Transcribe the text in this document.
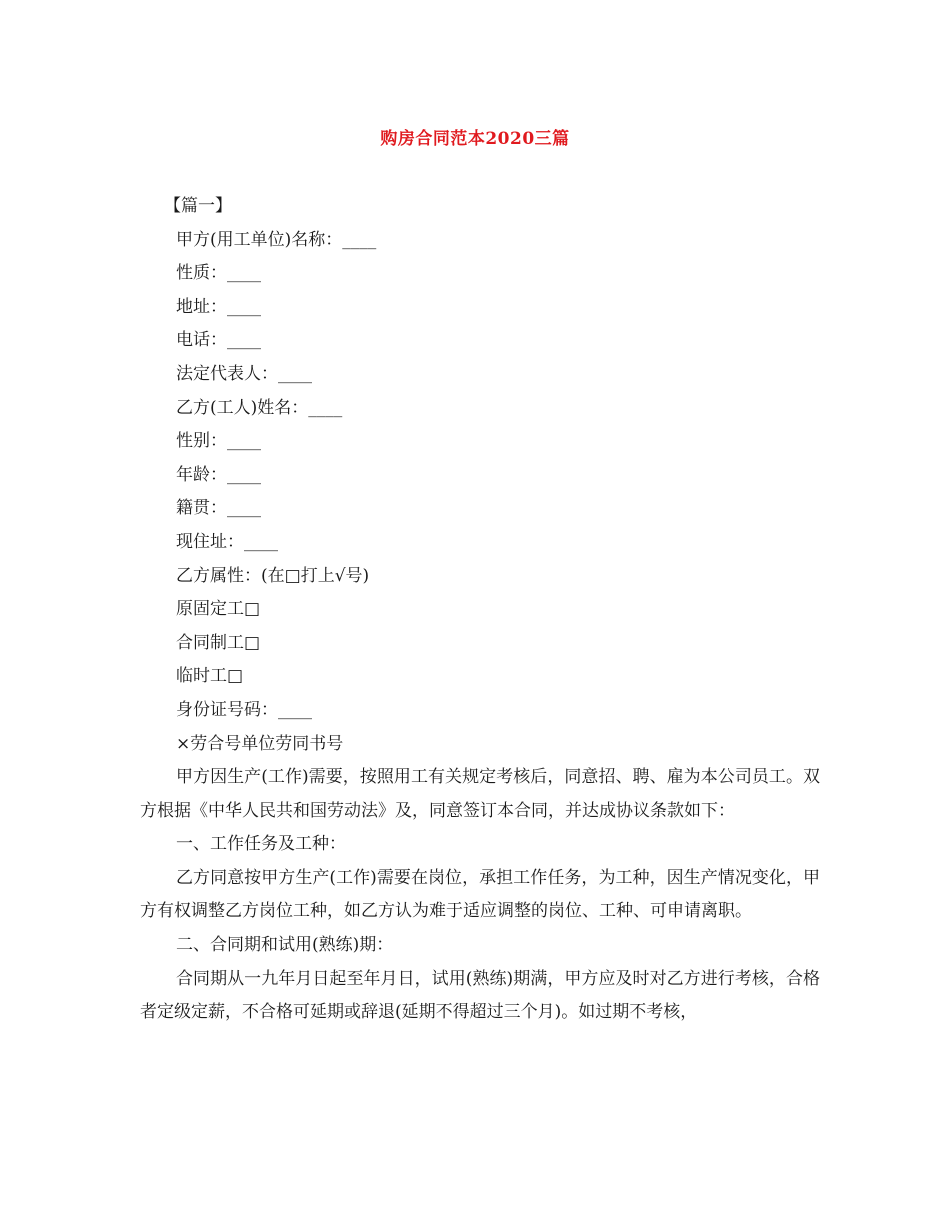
购房合同范本2020三篇
【篇一】
甲方(用工单位)名称：____
性质：____
地址：____
电话：____
法定代表人：____
乙方(工人)姓名：____
性别：____
年龄：____
籍贯：____
现住址：____
乙方属性：(在□打上√号)
原固定工□
合同制工□
临时工□
身份证号码：____
×劳合号单位劳同书号
甲方因生产(工作)需要，按照用工有关规定考核后，同意招、聘、雇为本公司员工。双方根据《中华人民共和国劳动法》及，同意签订本合同，并达成协议条款如下：
一、工作任务及工种：
乙方同意按甲方生产(工作)需要在岗位，承担工作任务，为工种，因生产情况变化，甲方有权调整乙方岗位工种，如乙方认为难于适应调整的岗位、工种、可申请离职。
二、合同期和试用(熟练)期：
合同期从一九年月日起至年月日，试用(熟练)期满，甲方应及时对乙方进行考核，合格者定级定薪，不合格可延期或辞退(延期不得超过三个月)。如过期不考核，
